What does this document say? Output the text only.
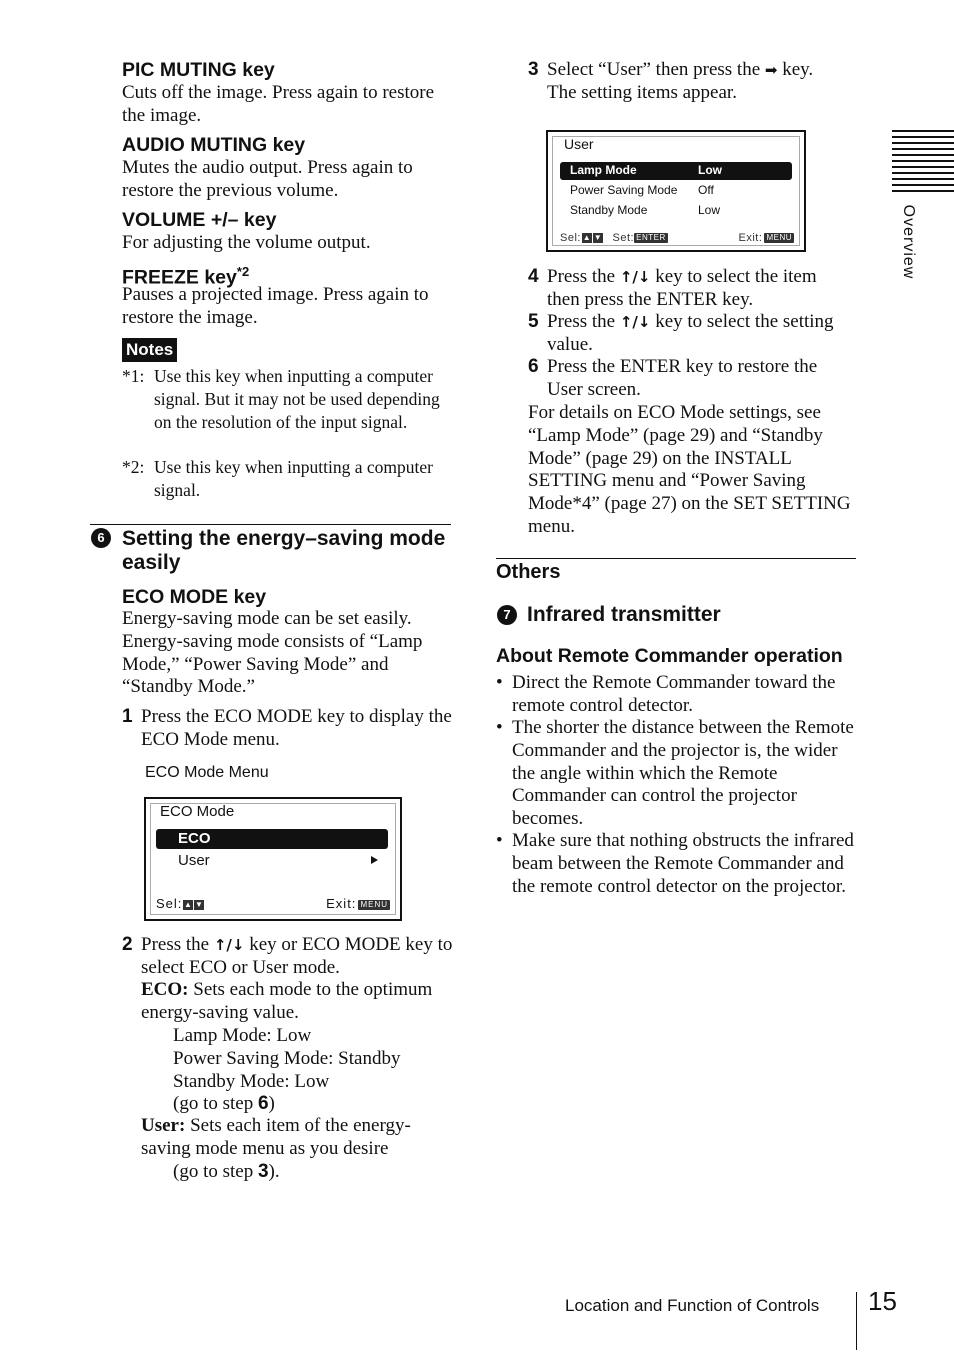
PIC MUTING key
Cuts off the image. Press again to restore the image.
AUDIO MUTING key
Mutes the audio output. Press again to restore the previous volume.
VOLUME +/– key
For adjusting the volume output.
FREEZE key$^{*2}$
Pauses a projected image. Press again to restore the image.
Notes
*1: Use this key when inputting a computer signal. But it may not be used depending on the resolution of the input signal.
*2: Use this key when inputting a computer signal.
6 Setting the energy–saving mode easily
ECO MODE key
Energy-saving mode can be set easily. Energy-saving mode consists of “Lamp Mode,” “Power Saving Mode” and “Standby Mode.”
1 Press the ECO MODE key to display the ECO Mode menu.
ECO Mode Menu
ECO Mode
ECO
User
Sel: ▲ ▼	Exit: MENU
2 Press the ↑/↓ key or ECO MODE key to select ECO or User mode.
ECO: Sets each mode to the optimum energy-saving value.
Lamp Mode: Low
Power Saving Mode: Standby
Standby Mode: Low
(go to step 6)
User: Sets each item of the energy-saving mode menu as you desire
(go to step 3).
3 Select “User” then press the ➡ key.
The setting items appear.
User
Lamp Mode	Low
Power Saving Mode Off
Standby Mode	Low
Sel: ▲ ▼ Set: ENTER	Exit: MENU
4 Press the ↑/↓ key to select the item
then press the ENTER key.
5 Press the ↑/↓ key to select the setting
value.
6 Press the ENTER key to restore the User screen.
For details on ECO Mode settings, see “Lamp Mode” (page 29) and “Standby Mode” (page 29) on the INSTALL SETTING menu and “Power Saving Mode*4” (page 27) on the SET SETTING menu.
Others
7 Infrared transmitter
About Remote Commander operation
• Direct the Remote Commander toward the remote control detector.
• The shorter the distance between the Remote Commander and the projector is, the wider the angle within which the Remote Commander can control the projector becomes.
• Make sure that nothing obstructs the infrared beam between the Remote Commander and the remote control detector on the projector.
Overview
Location and Function of Controls 15
